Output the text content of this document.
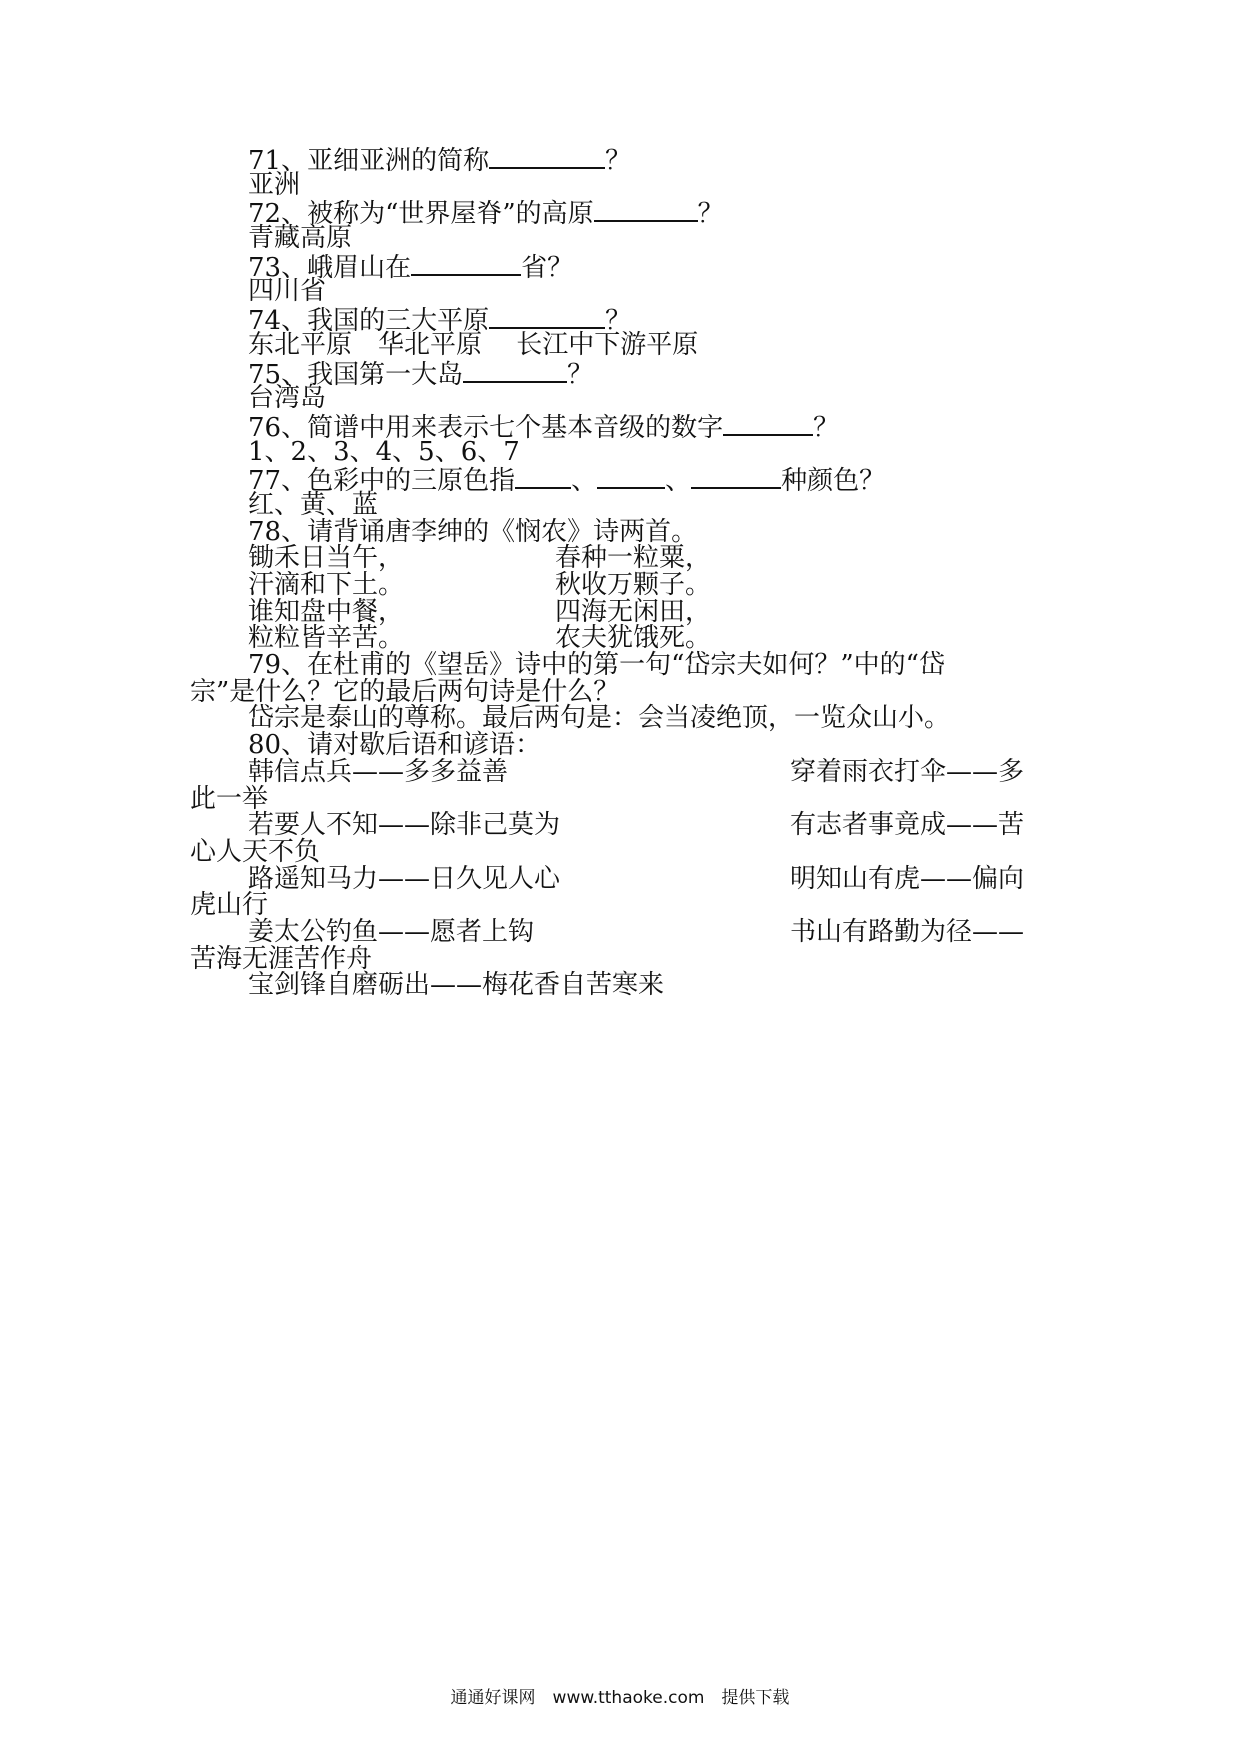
71、亚细亚洲的简称	？
亚洲
72、被称为“世界屋脊”的高原	？
青藏高原
73、峨眉山在	省？
四川省
74、我国的三大平原	？
东北平原　华北平原　 长江中下游平原
75、我国第一大岛	？
台湾岛
76、简谱中用来表示七个基本音级的数字	？
1、2、3、4、5、6、7
77、色彩中的三原色指 、	、	种颜色？
红、黄、蓝
78、请背诵唐李绅的《悯农》诗两首。
锄禾日当午，	春种一粒粟，
汗滴和下土。	秋收万颗子。
谁知盘中餐，	四海无闲田，
粒粒皆辛苦。	农夫犹饿死。
79、在杜甫的《望岳》诗中的第一句“岱宗夫如何？”中的“岱
宗”是什么？它的最后两句诗是什么？
岱宗是泰山的尊称。最后两句是：会当凌绝顶，一览众山小。
80、请对歇后语和谚语：
韩信点兵——多多益善	穿着雨衣打伞——多
此一举
若要人不知——除非己莫为	有志者事竟成——苦
心人天不负
路遥知马力——日久见人心	明知山有虎——偏向
虎山行
姜太公钓鱼——愿者上钩	书山有路勤为径——
苦海无涯苦作舟
宝剑锋自磨砺出——梅花香自苦寒来
通通好课网　www.tthaoke.com　提供下载
